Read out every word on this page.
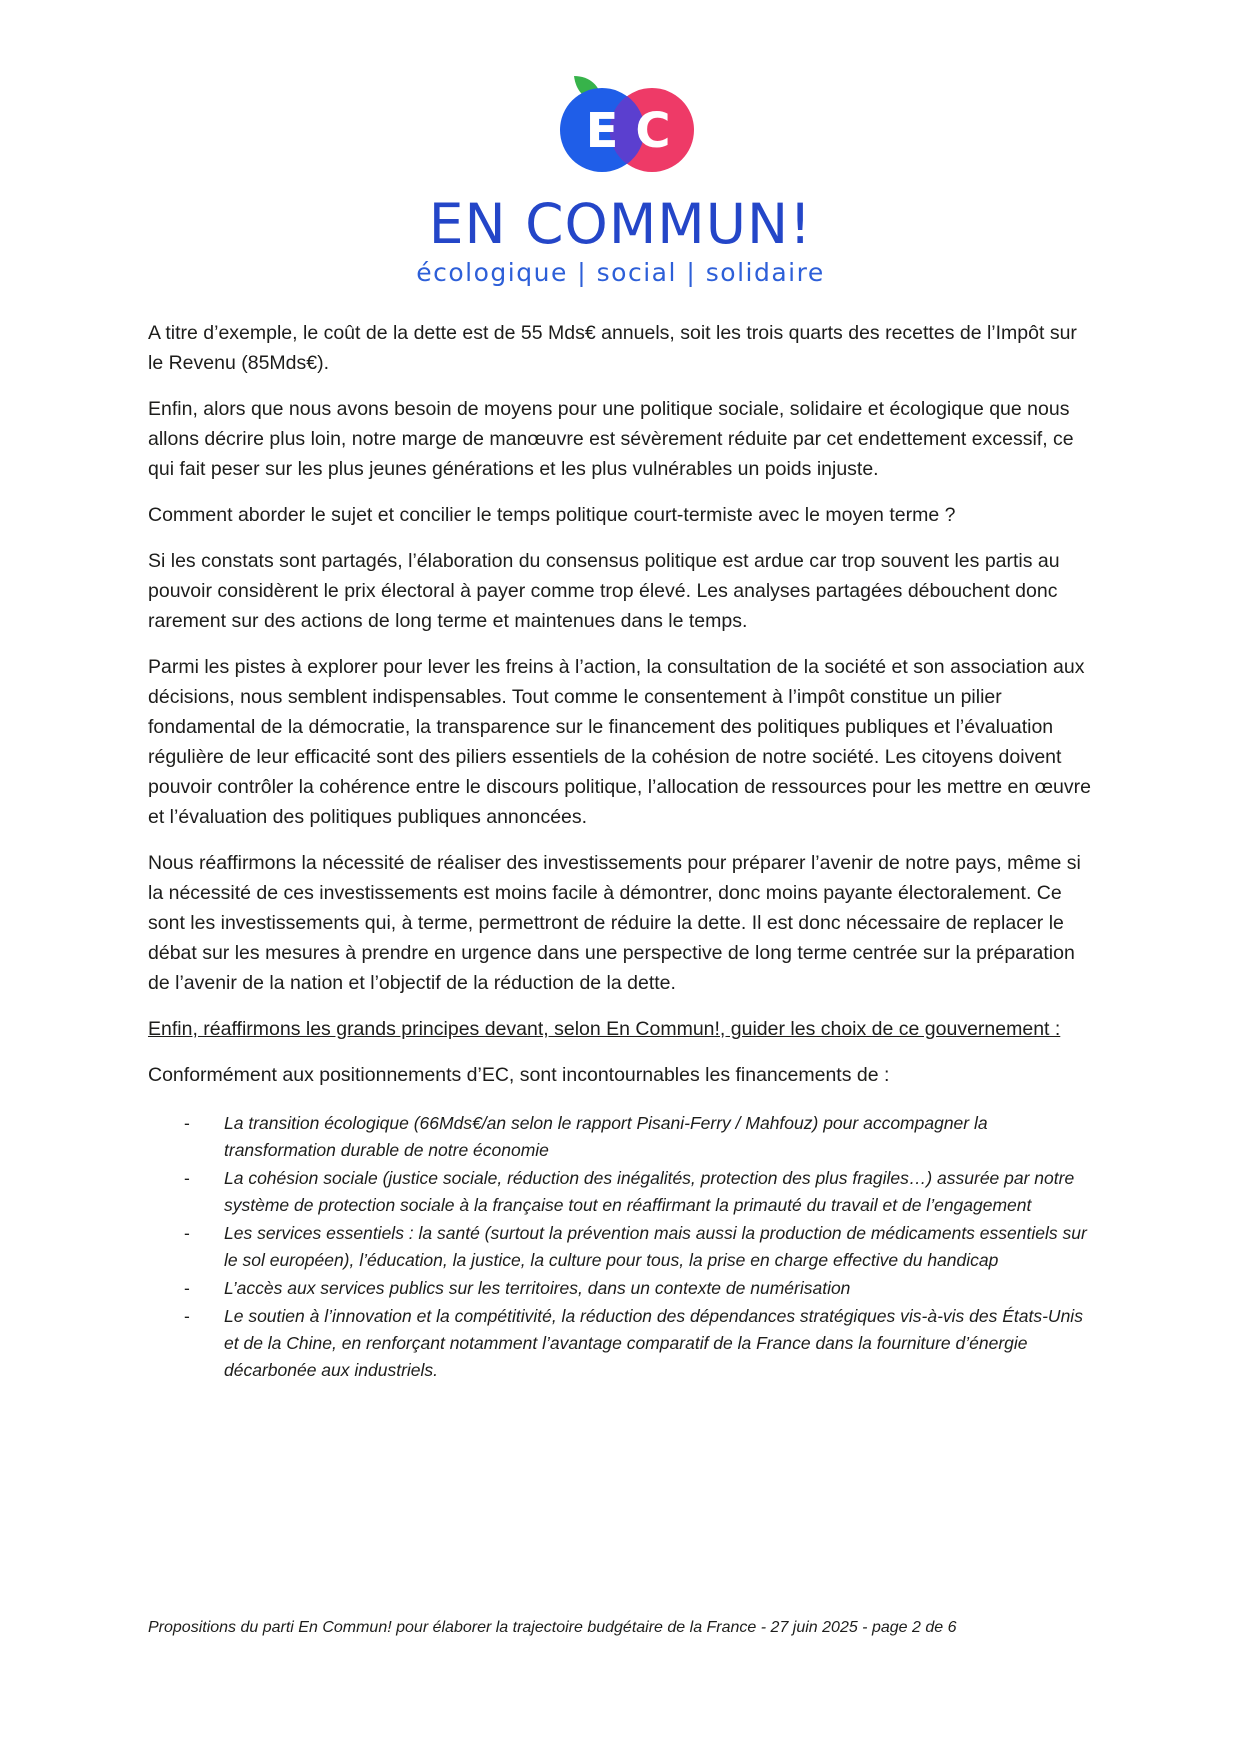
E C
EN COMMUN!
écologique | social | solidaire

A titre d’exemple, le coût de la dette est de 55 Mds€ annuels, soit les trois quarts des recettes de l’Impôt sur le Revenu (85Mds€).

Enfin, alors que nous avons besoin de moyens pour une politique sociale, solidaire et écologique que nous allons décrire plus loin, notre marge de manœuvre est sévèrement réduite par cet endettement excessif, ce qui fait peser sur les plus jeunes générations et les plus vulnérables un poids injuste.

Comment aborder le sujet et concilier le temps politique court-termiste avec le moyen terme ?

Si les constats sont partagés, l’élaboration du consensus politique est ardue car trop souvent les partis au pouvoir considèrent le prix électoral à payer comme trop élevé. Les analyses partagées débouchent donc rarement sur des actions de long terme et maintenues dans le temps.

Parmi les pistes à explorer pour lever les freins à l’action, la consultation de la société et son association aux décisions, nous semblent indispensables. Tout comme le consentement à l’impôt constitue un pilier fondamental de la démocratie, la transparence sur le financement des politiques publiques et l’évaluation régulière de leur efficacité sont des piliers essentiels de la cohésion de notre société. Les citoyens doivent pouvoir contrôler la cohérence entre le discours politique, l’allocation de ressources pour les mettre en œuvre et l’évaluation des politiques publiques annoncées.

Nous réaffirmons la nécessité de réaliser des investissements pour préparer l’avenir de notre pays, même si la nécessité de ces investissements est moins facile à démontrer, donc moins payante électoralement. Ce sont les investissements qui, à terme, permettront de réduire la dette. Il est donc nécessaire de replacer le débat sur les mesures à prendre en urgence dans une perspective de long terme centrée sur la préparation de l’avenir de la nation et l’objectif de la réduction de la dette.

Enfin, réaffirmons les grands principes devant, selon En Commun!, guider les choix de ce gouvernement :

Conformément aux positionnements d’EC, sont incontournables les financements de :

- La transition écologique (66Mds€/an selon le rapport Pisani-Ferry / Mahfouz) pour accompagner la transformation durable de notre économie
- La cohésion sociale (justice sociale, réduction des inégalités, protection des plus fragiles…) assurée par notre système de protection sociale à la française tout en réaffirmant la primauté du travail et de l’engagement
- Les services essentiels : la santé (surtout la prévention mais aussi la production de médicaments essentiels sur le sol européen), l’éducation, la justice, la culture pour tous, la prise en charge effective du handicap
- L’accès aux services publics sur les territoires, dans un contexte de numérisation
- Le soutien à l’innovation et la compétitivité, la réduction des dépendances stratégiques vis-à-vis des États-Unis et de la Chine, en renforçant notamment l’avantage comparatif de la France dans la fourniture d’énergie décarbonée aux industriels.
Propositions du parti En Commun! pour élaborer la trajectoire budgétaire de la France - 27 juin 2025 - page 2 de 6
